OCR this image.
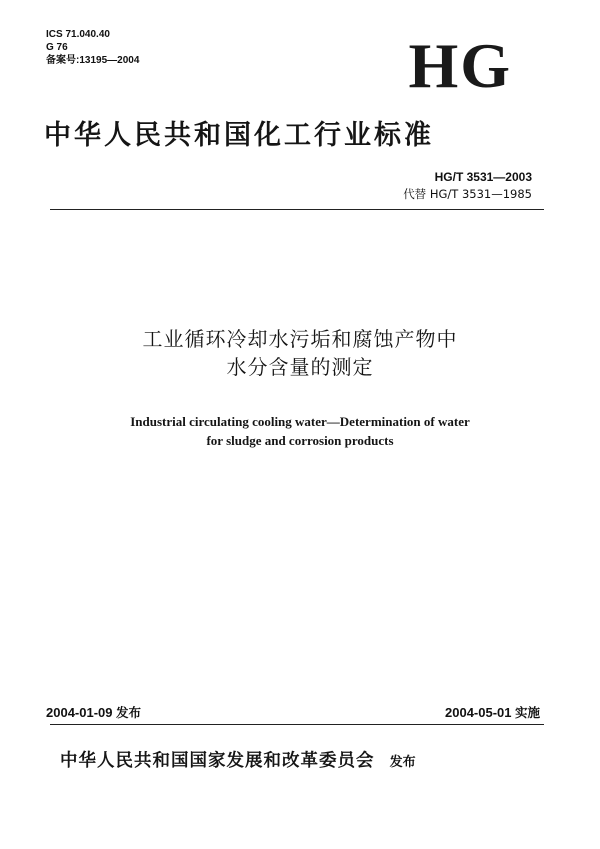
ICS 71.040.40
G 76
备案号:13195—2004	HG
中华人民共和国化工行业标准
HG/T 3531—2003
代替 HG/T 3531—1985
工业循环冷却水污垢和腐蚀产物中
水分含量的测定
Industrial circulating cooling water—Determination of water
for sludge and corrosion products
2004-01-09 发布	2004-05-01 实施
中华人民共和国国家发展和改革委员会 发布
